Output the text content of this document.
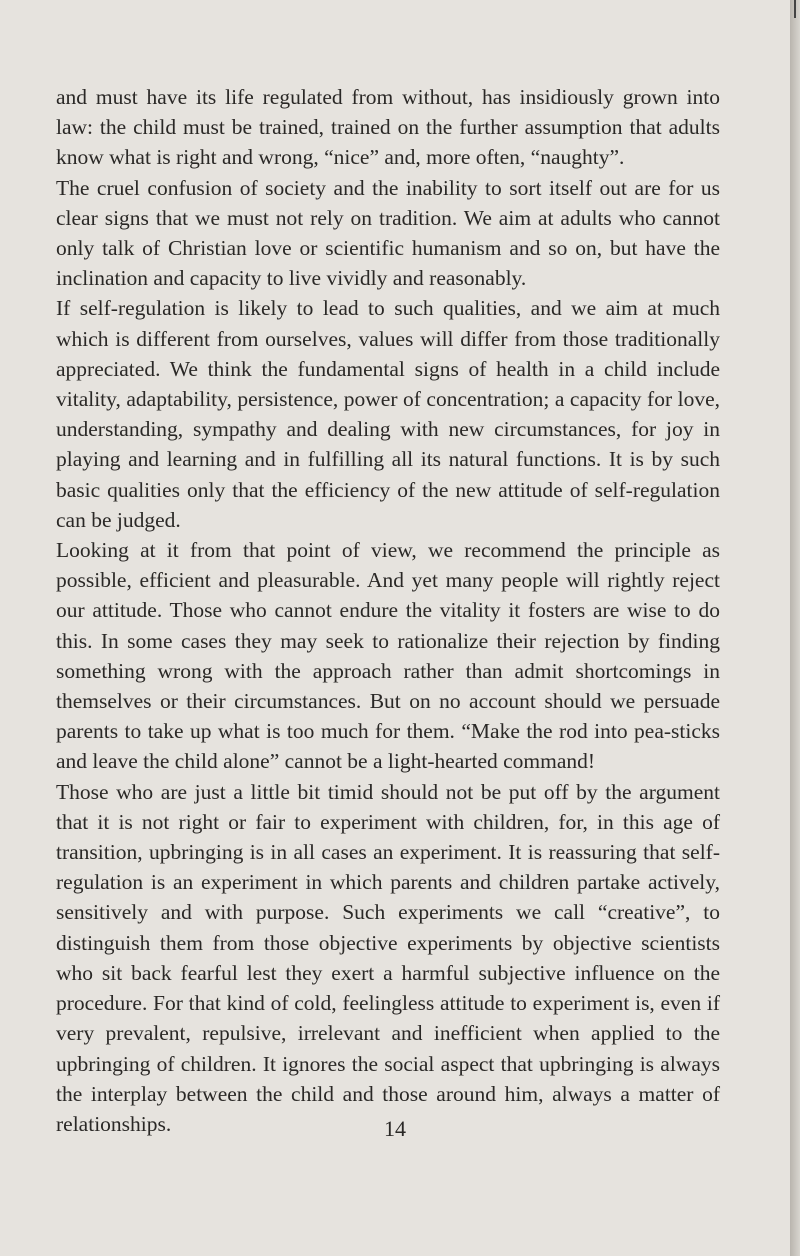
and must have its life regulated from without, has insidiously grown into law: the child must be trained, trained on the further assumption that adults know what is right and wrong, “nice” and, more often, “naughty”.

The cruel confusion of society and the inability to sort itself out are for us clear signs that we must not rely on tradition. We aim at adults who cannot only talk of Christian love or scientific humanism and so on, but have the inclination and capacity to live vividly and reasonably.

If self-regulation is likely to lead to such qualities, and we aim at much which is different from ourselves, values will differ from those traditionally appreciated. We think the fundamental signs of health in a child include vitality, adaptability, persistence, power of concentration; a capacity for love, understanding, sympathy and dealing with new circumstances, for joy in playing and learning and in fulfilling all its natural functions. It is by such basic qualities only that the efficiency of the new attitude of self-regulation can be judged.

Looking at it from that point of view, we recommend the principle as possible, efficient and pleasurable. And yet many people will rightly reject our attitude. Those who cannot endure the vitality it fosters are wise to do this. In some cases they may seek to rationalize their rejection by finding something wrong with the approach rather than admit shortcomings in themselves or their circumstances. But on no account should we persuade parents to take up what is too much for them. “Make the rod into pea-sticks and leave the child alone” cannot be a light-hearted command!

Those who are just a little bit timid should not be put off by the argument that it is not right or fair to experiment with children, for, in this age of transition, upbringing is in all cases an experiment. It is reassuring that self-regulation is an experiment in which parents and children partake actively, sensitively and with purpose. Such experiments we call “creative”, to distinguish them from those objective experiments by objective scientists who sit back fearful lest they exert a harmful subjective influence on the procedure. For that kind of cold, feelingless attitude to experiment is, even if very prevalent, repulsive, irrelevant and inefficient when applied to the upbringing of children. It ignores the social aspect that upbringing is always the interplay between the child and those around him, always a matter of relationships.	14
